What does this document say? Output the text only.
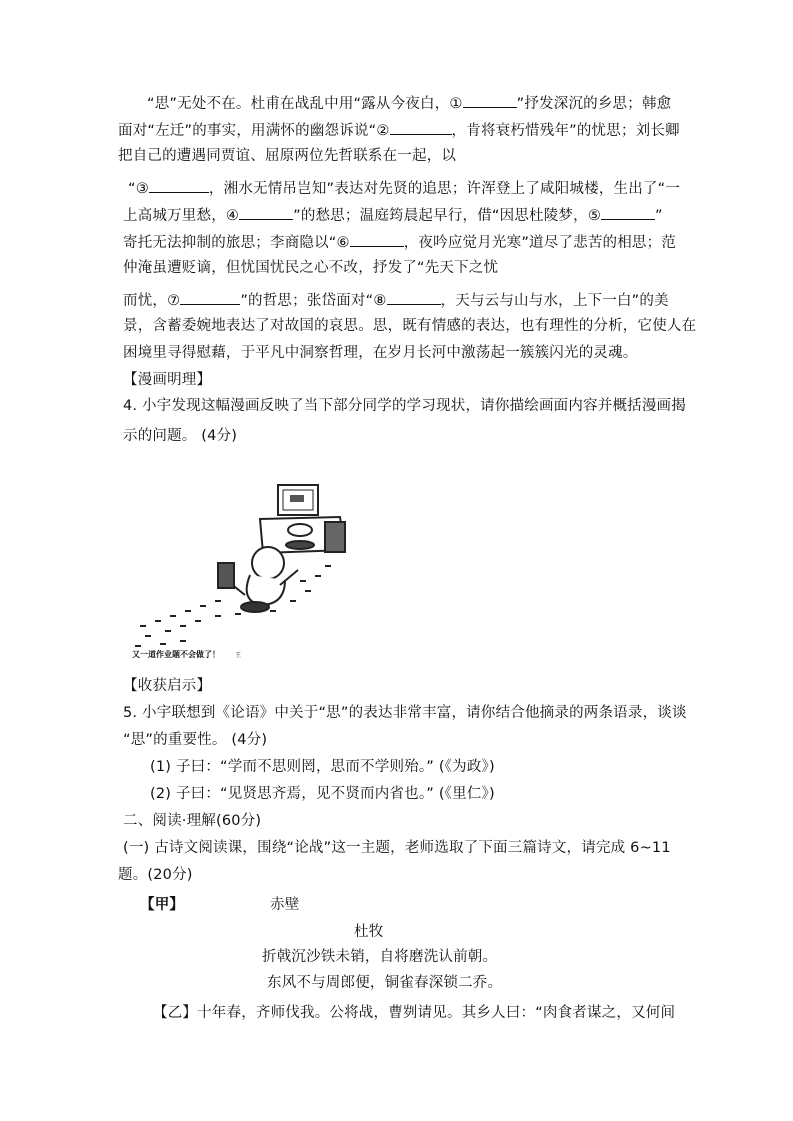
“思”无处不在。杜甫在战乱中用“露从今夜白，①	”抒发深沉的乡思；韩愈
面对“左迁”的事实，用满怀的幽怨诉说“②	，肯将衰朽惜残年”的忧思；刘长卿
把自己的遭遇同贾谊、屈原两位先哲联系在一起，以
“③	，湘水无情吊岂知”表达对先贤的追思；许浑登上了咸阳城楼，生出了“一
上高城万里愁，④	”的愁思；温庭筠晨起早行，借“因思杜陵梦，⑤	”
寄托无法抑制的旅思；李商隐以“⑥	，夜吟应觉月光寒”道尽了悲苦的相思；范
仲淹虽遭贬谪，但忧国忧民之心不改，抒发了“先天下之忧
而忧，⑦	”的哲思；张岱面对“⑧	，天与云与山与水，上下一白”的美
景，含蓄委婉地表达了对故国的哀思。思，既有情感的表达，也有理性的分析，它使人在
困境里寻得慰藉，于平凡中洞察哲理，在岁月长河中激荡起一簇簇闪光的灵魂。
【漫画明理】
4. 小宇发现这幅漫画反映了当下部分同学的学习现状，请你描绘画面内容并概括漫画揭
示的问题。 (4分)
又一道作业题不会做了！	王
【收获启示】
5. 小宇联想到《论语》中关于“思”的表达非常丰富，请你结合他摘录的两条语录，谈谈
“思”的重要性。 (4分)
(1) 子曰：“学而不思则罔，思而不学则殆。” (《为政》)
(2) 子曰：“见贤思齐焉，见不贤而内省也。” (《里仁》)
二、阅读·理解(60分)
(一) 古诗文阅读课，围绕“论战”这一主题，老师选取了下面三篇诗文，请完成 6~11
题。(20分)
【甲】	赤壁
杜牧
折戟沉沙铁未销，自将磨洗认前朝。
东风不与周郎便，铜雀春深锁二乔。
【乙】十年春，齐师伐我。公将战，曹刿请见。其乡人曰：“肉食者谋之，又何间
